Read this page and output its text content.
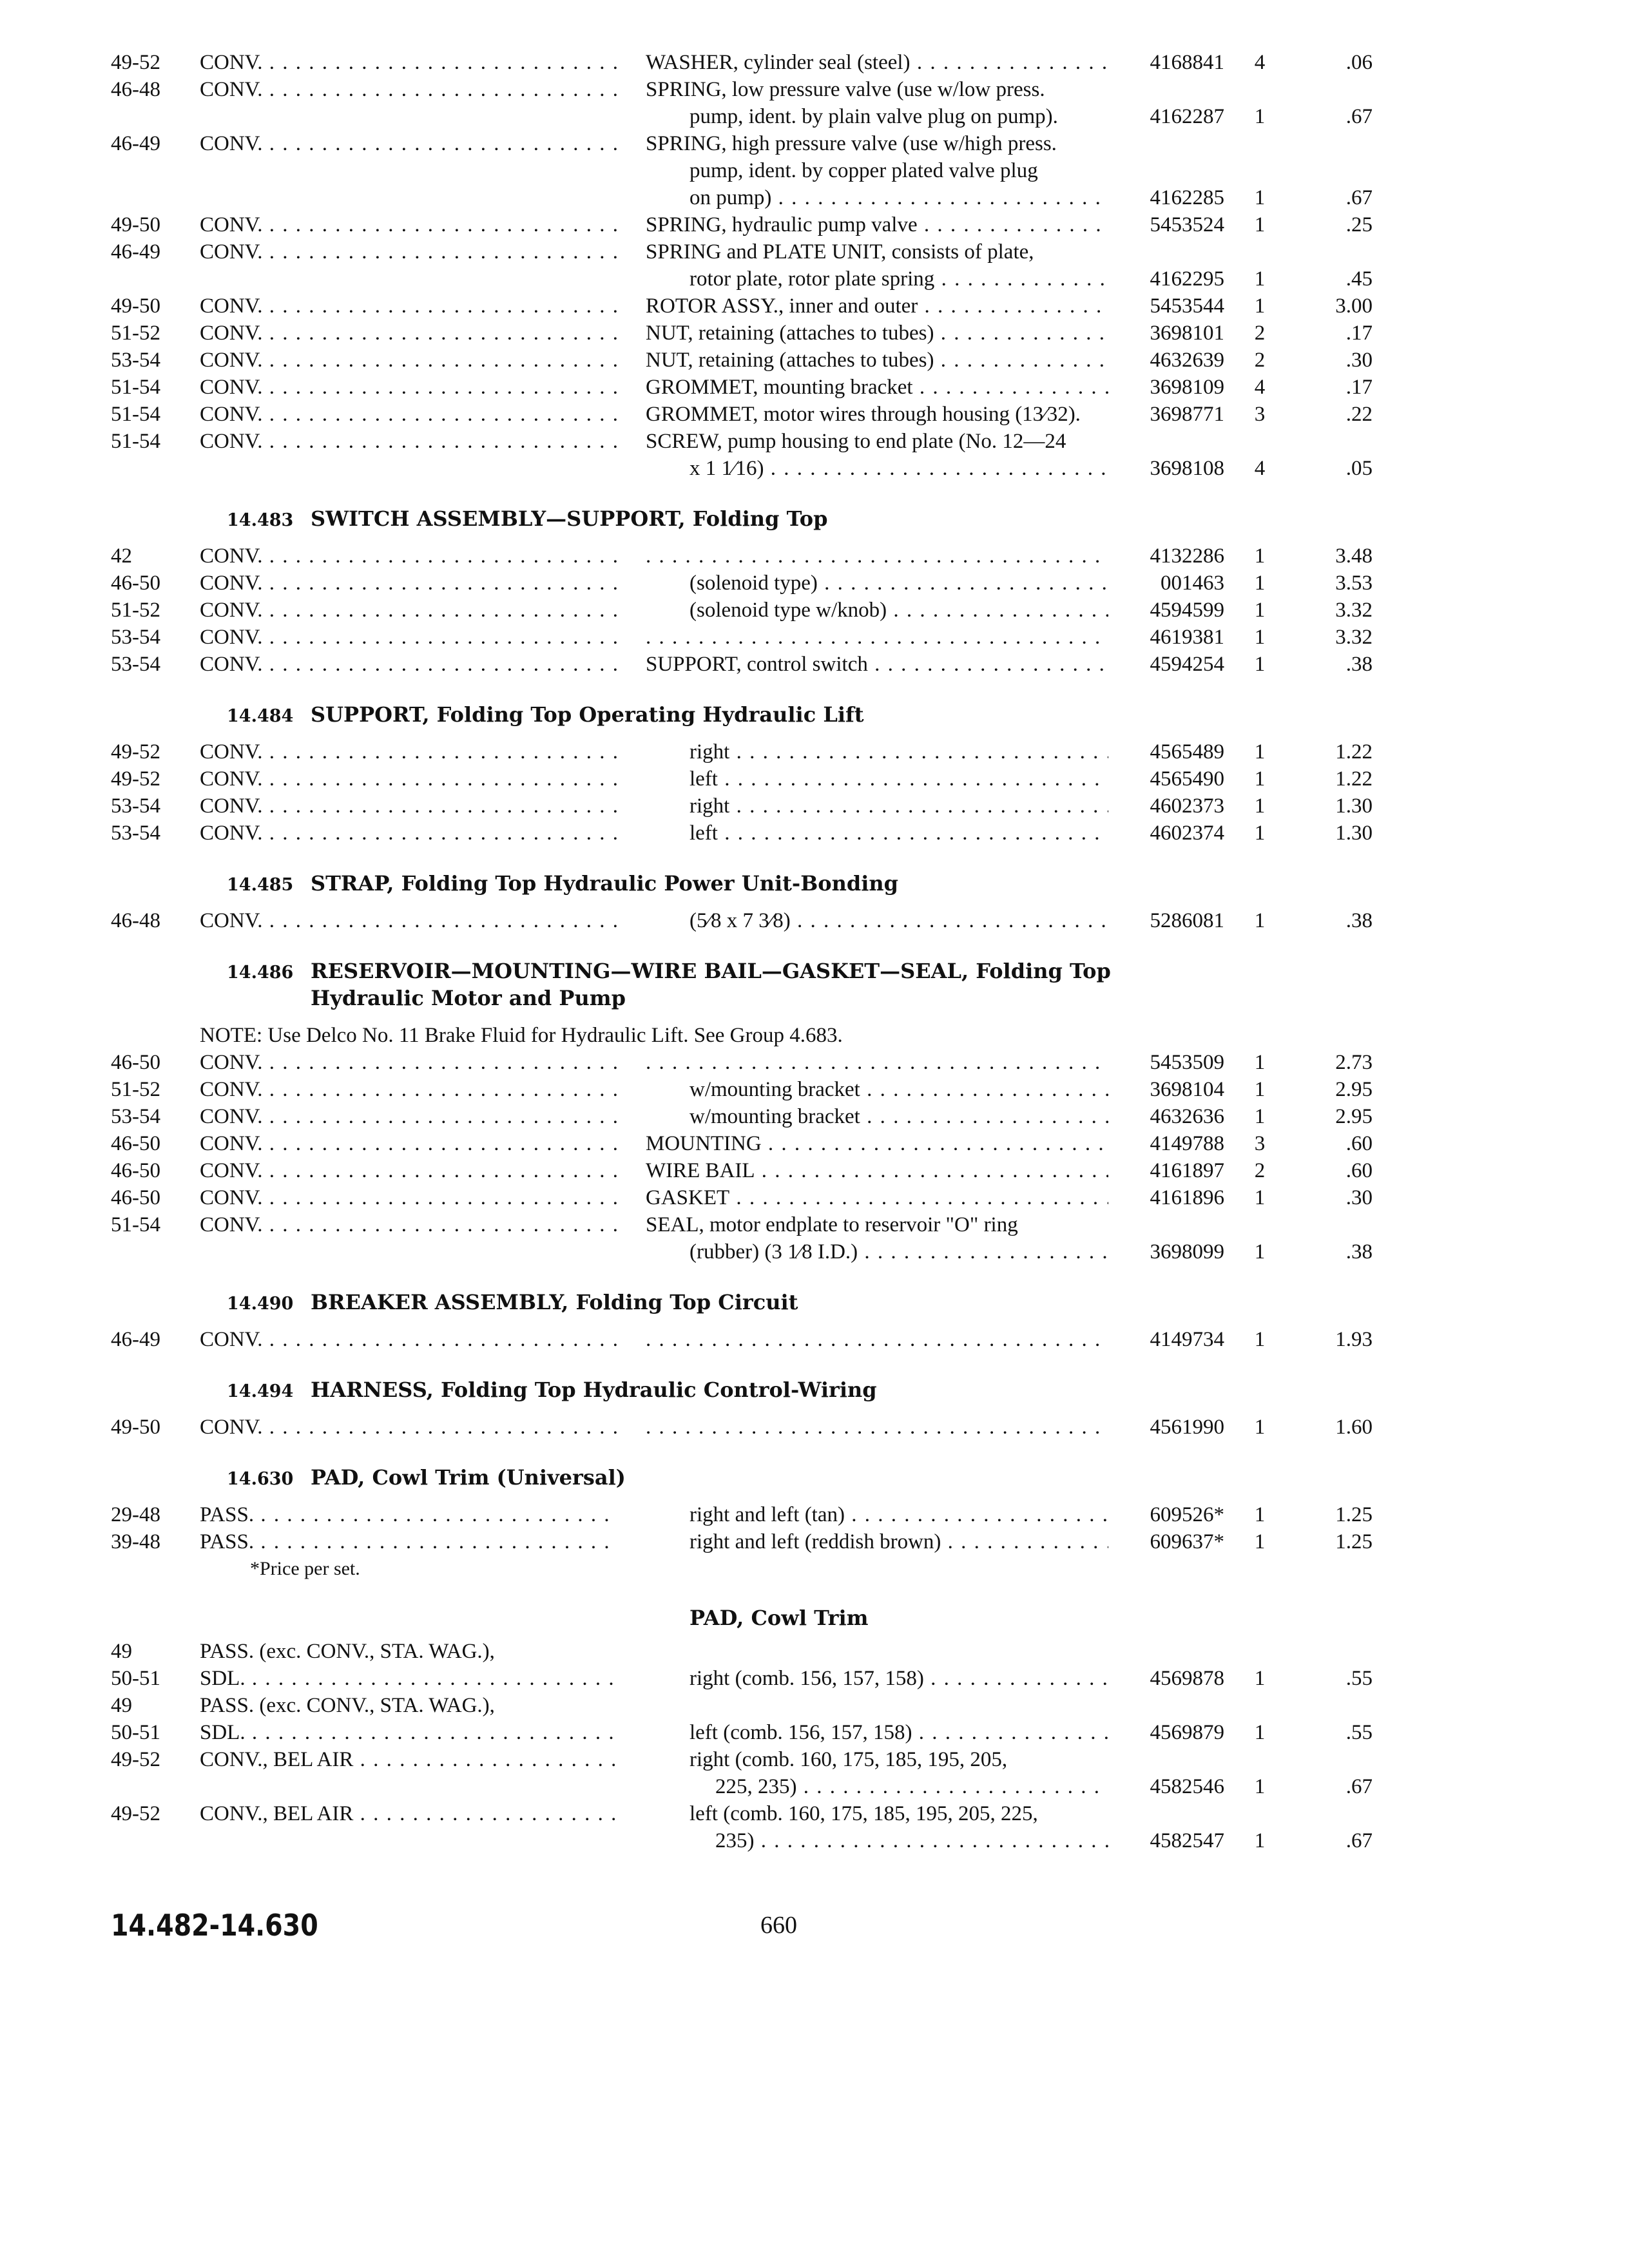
49-52 CONV. . . .	WASHER, cylinder seal (steel) . . .	4168841	4	.06
46-48 CONV. . . .	SPRING, low pressure valve (use w/low press.
pump, ident. by plain valve plug on pump).	4162287	1	.67
46-49 CONV. . . .	SPRING, high pressure valve (use w/high press.
pump, ident. by copper plated valve plug
on pump) . . .	4162285	1	.67
49-50 CONV. . . .	SPRING, hydraulic pump valve . . .	5453524	1	.25
46-49 CONV. . . .	SPRING and PLATE UNIT, consists of plate,
rotor plate, rotor plate spring . . .	4162295	1	.45
49-50 CONV. . . .	ROTOR ASSY., inner and outer . . .	5453544	1	3.00
51-52 CONV. . . .	NUT, retaining (attaches to tubes) . . .	3698101	2	.17
53-54 CONV. . . .	NUT, retaining (attaches to tubes) . . .	4632639	2	.30
51-54 CONV. . . .	GROMMET, mounting bracket . . .	3698109	4	.17
51-54 CONV. . . .	GROMMET, motor wires through housing (13⁄32).	3698771	3	.22
51-54 CONV. . . .	SCREW, pump housing to end plate (No. 12—24
x 1 1⁄16) . . .	3698108	4	.05
14.483 SWITCH ASSEMBLY—SUPPORT, Folding Top
42	CONV. . . . . . .	4132286	1	3.48
46-50 CONV. . . .	(solenoid type) . . .	001463	1	3.53
51-52 CONV. . . .	(solenoid type w/knob) . . .	4594599	1	3.32
53-54 CONV. . . . . . .	4619381	1	3.32
53-54 CONV. . . .	SUPPORT, control switch . . .	4594254	1	.38
14.484 SUPPORT, Folding Top Operating Hydraulic Lift
49-52 CONV. . . .	right . . .	4565489	1	1.22
49-52 CONV. . . .	left . . .	4565490	1	1.22
53-54 CONV. . . .	right . . .	4602373	1	1.30
53-54 CONV. . . .	left . . .	4602374	1	1.30
14.485 STRAP, Folding Top Hydraulic Power Unit-Bonding
46-48 CONV. . . .	(5⁄8 x 7 3⁄8) . . .	5286081	1	.38
14.486 RESERVOIR—MOUNTING—WIRE BAIL—GASKET—SEAL, Folding Top
Hydraulic Motor and Pump
NOTE: Use Delco No. 11 Brake Fluid for Hydraulic Lift. See Group 4.683.
46-50 CONV. . . . . . .	5453509	1	2.73
51-52 CONV. . . .	w/mounting bracket . . .	3698104	1	2.95
53-54 CONV. . . .	w/mounting bracket . . .	4632636	1	2.95
46-50 CONV. . . .	MOUNTING . . .	4149788	3	.60
46-50 CONV. . . .	WIRE BAIL . . .	4161897	2	.60
46-50 CONV. . . .	GASKET . . .	4161896	1	.30
51-54 CONV. . . .	SEAL, motor endplate to reservoir "O" ring
(rubber) (3 1⁄8 I.D.) . . .	3698099	1	.38
14.490 BREAKER ASSEMBLY, Folding Top Circuit
46-49 CONV. . . . . . .	4149734	1	1.93
14.494 HARNESS, Folding Top Hydraulic Control-Wiring
49-50 CONV. . . . . . .	4561990	1	1.60
14.630 PAD, Cowl Trim (Universal)
29-48 PASS. . . .	right and left (tan) . . .	609526*	1	1.25
39-48 PASS. . . .	right and left (reddish brown) . . .	609637*	1	1.25
*Price per set.
PAD, Cowl Trim
49	PASS. (exc. CONV., STA. WAG.),
50-51 SDL. . . .	right (comb. 156, 157, 158) . . .	4569878	1	.55
49	PASS. (exc. CONV., STA. WAG.),
50-51 SDL. . . .	left (comb. 156, 157, 158) . . .	4569879	1	.55
49-52 CONV., BEL AIR . . .	right (comb. 160, 175, 185, 195, 205,
225, 235) . . .	4582546	1	.67
49-52 CONV., BEL AIR . . .	left (comb. 160, 175, 185, 195, 205, 225,
235) . . .	4582547	1	.67
14.482-14.630	660
